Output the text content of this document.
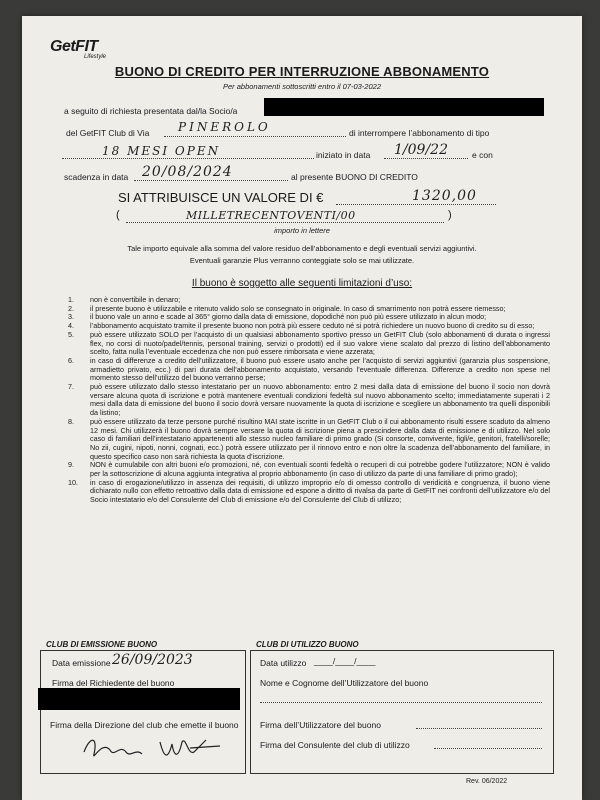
GetFIT
Lifestyle
BUONO DI CREDITO PER INTERRUZIONE ABBONAMENTO
Per abbonamenti sottoscritti entro il 07-03-2022
a seguito di richiesta presentata dal/la Socio/a
del GetFIT Club di Via PINEROLO	di interrompere l’abbonamento di tipo
18 MESI OPEN	iniziato in data 1/09/22	e con
scadenza in data 20/08/2024	al presente BUONO DI CREDITO
SI ATTRIBUISCE UN VALORE DI €	1320,00
(	MILLETRECENTOVENTI/00	)
importo in lettere
Tale importo equivale alla somma del valore residuo dell’abbonamento e degli eventuali servizi aggiuntivi.
Eventuali garanzie Plus verranno conteggiate solo se mai utilizzate.
Il buono è soggetto alle seguenti limitazioni d’uso:
1. non è convertibile in denaro;
2. il presente buono è utilizzabile e ritenuto valido solo se consegnato in originale. In caso di smarrimento non potrà essere riemesso;
3. il buono vale un anno e scade al 365° giorno dalla data di emissione, dopodiché non può più essere utilizzato in alcun modo;
4. l’abbonamento acquistato tramite il presente buono non potrà più essere ceduto né si potrà richiedere un nuovo buono di credito su di esso;
5. può essere utilizzato SOLO per l’acquisto di un qualsiasi abbonamento sportivo presso un GetFIT Club (solo abbonamenti di durata o ingressi flex, no corsi di nuoto/padel/tennis, personal training, servizi o prodotti) ed il suo valore viene scalato dal prezzo di listino dell’abbonamento scelto, fatta nulla l’eventuale eccedenza che non può essere rimborsata e viene azzerata;
6. in caso di differenze a credito dell’utilizzatore, il buono può essere usato anche per l’acquisto di servizi aggiuntivi (garanzia plus sospensione, armadietto privato, ecc.) di pari durata dell’abbonamento acquistato, versando l’eventuale differenza. Differenze a credito non spese nel momento stesso dell’utilizzo del buono verranno perse;
7. può essere utilizzato dallo stesso intestatario per un nuovo abbonamento: entro 2 mesi dalla data di emissione del buono il socio non dovrà versare alcuna quota di iscrizione e potrà mantenere eventuali condizioni fedeltà sul nuovo abbonamento scelto; immediatamente superati i 2 mesi dalla data di emissione del buono il socio dovrà versare nuovamente la quota di iscrizione e scegliere un abbonamento tra quelli disponibili da listino;
8. può essere utilizzato da terze persone purché risultino MAI state iscritte in un GetFIT Club o il cui abbonamento risulti essere scaduto da almeno 12 mesi. Chi utilizzerà il buono dovrà sempre versare la quota di iscrizione piena a prescindere dalla data di emissione e di utilizzo. Nel solo caso di familiari dell’intestatario appartenenti allo stesso nucleo familiare di primo grado (Si consorte, convivente, figli/e, genitori, fratelli/sorelle; No zii, cugini, nipoti, nonni, cognati, ecc.) potrà essere utilizzato per il rinnovo entro e non oltre la scadenza dell’abbonamento del familiare, in questo specifico caso non sarà richiesta la quota d’iscrizione.
9. NON è cumulabile con altri buoni e/o promozioni, né, con eventuali sconti fedeltà o recuperi di cui potrebbe godere l’utilizzatore; NON è valido per la sottoscrizione di alcuna aggiunta integrativa al proprio abbonamento (in caso di utilizzo da parte di una familiare di primo grado);
10. in caso di erogazione/utilizzo in assenza dei requisiti, di utilizzo improprio e/o di omesso controllo di veridicità e congruenza, il buono viene dichiarato nullo con effetto retroattivo dalla data di emissione ed espone a diritto di rivalsa da parte di GetFIT nei confronti dell’utilizzatore e/o del Socio intestatario e/o del Consulente del Club di emissione e/o del Consulente del Club di utilizzo;
CLUB DI EMISSIONE BUONO	CLUB DI UTILIZZO BUONO
Data emissione 26/09/2023
Firma del Richiedente del buono
Firma della Direzione del club che emette il buono
Data utilizzo ____/____/____
Nome e Cognome dell’Utilizzatore del buono
Firma dell’Utilizzatore del buono
Firma del Consulente del club di utilizzo
Rev. 06/2022
